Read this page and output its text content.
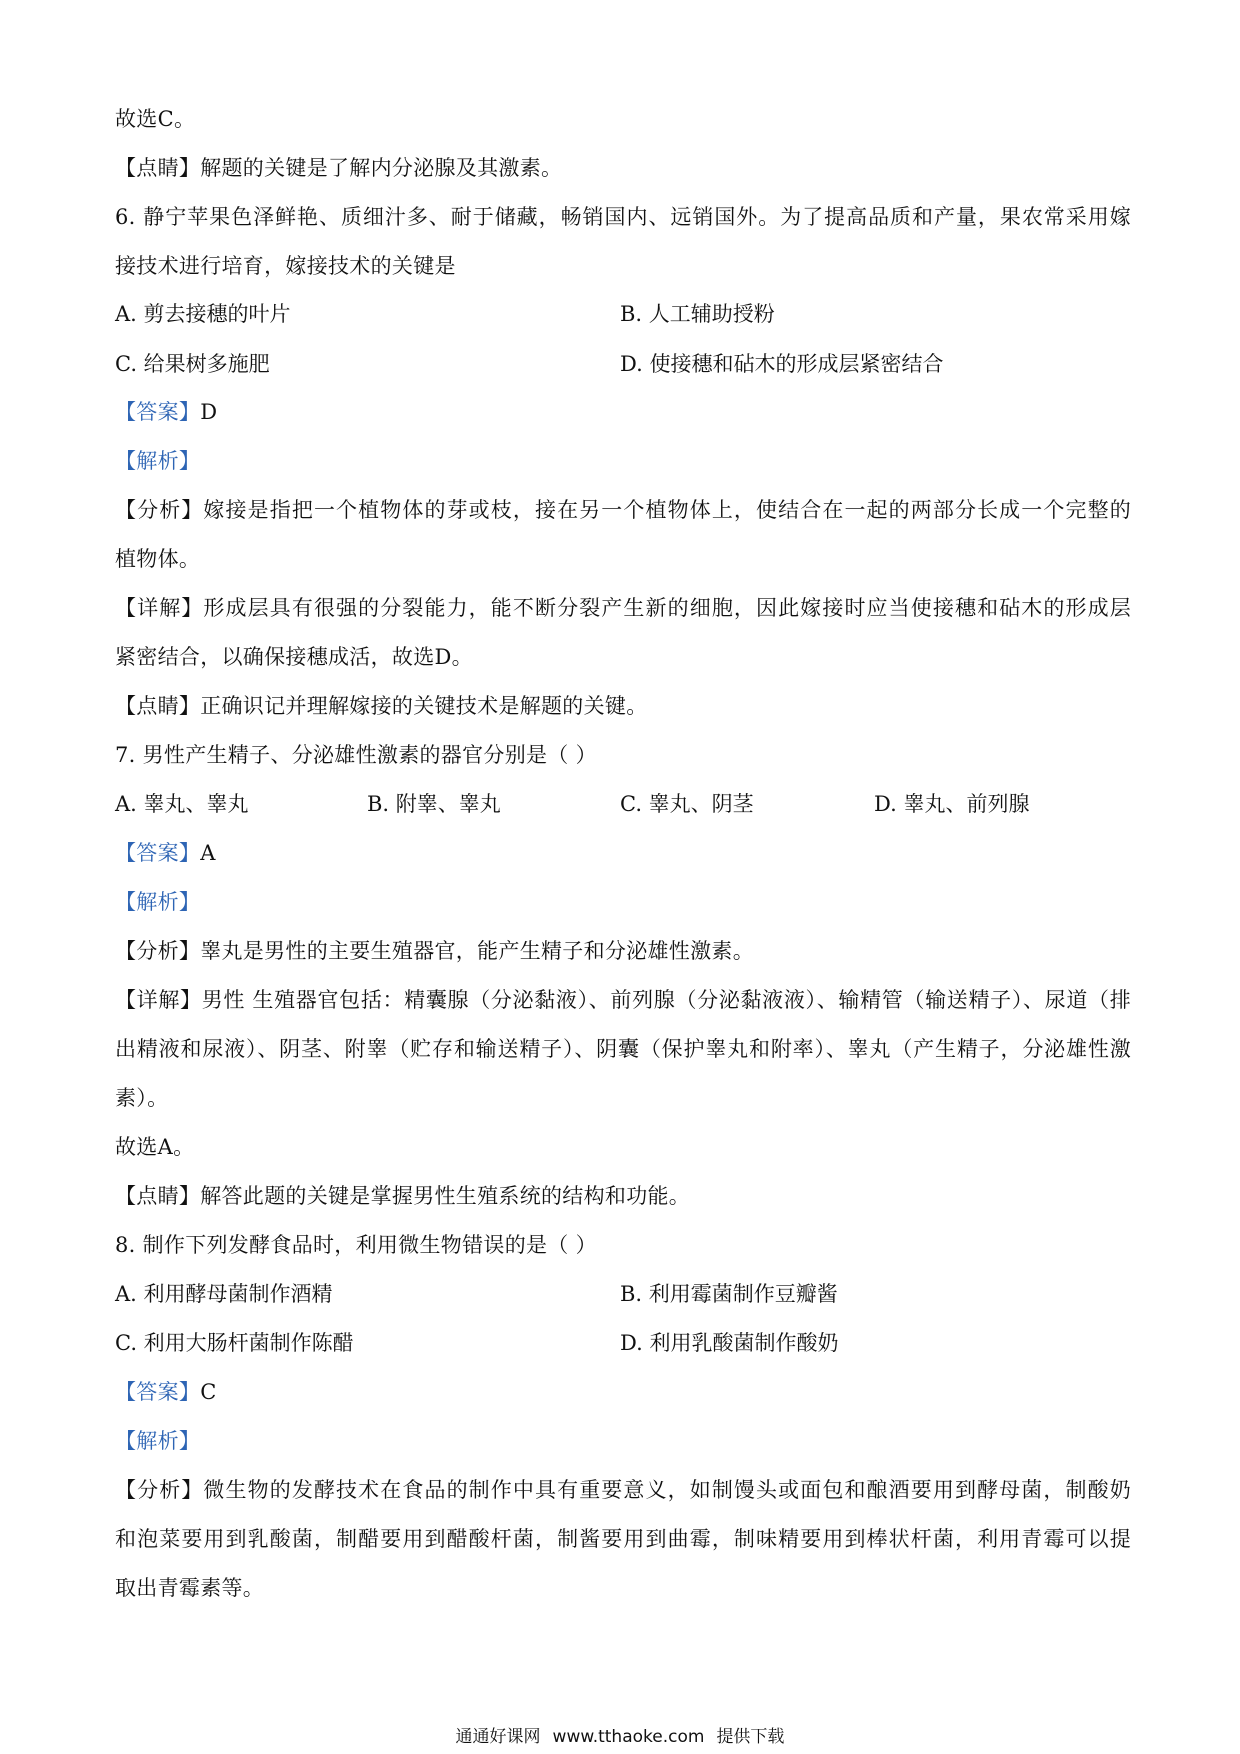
故选C。
【点睛】解题的关键是了解内分泌腺及其激素。
6. 静宁苹果色泽鲜艳、质细汁多、耐于储藏，畅销国内、远销国外。为了提高品质和产量，果农常采用嫁
接技术进行培育，嫁接技术的关键是
A. 剪去接穗的叶片	B. 人工辅助授粉
C. 给果树多施肥	D. 使接穗和砧木的形成层紧密结合
【答案】D
【解析】
【分析】嫁接是指把一个植物体的芽或枝，接在另一个植物体上，使结合在一起的两部分长成一个完整的
植物体。
【详解】形成层具有很强的分裂能力，能不断分裂产生新的细胞，因此嫁接时应当使接穗和砧木的形成层
紧密结合，以确保接穗成活，故选D。
【点睛】正确识记并理解嫁接的关键技术是解题的关键。
7. 男性产生精子、分泌雄性激素的器官分别是（ ）
A. 睾丸、睾丸	B. 附睾、睾丸	C. 睾丸、阴茎	D. 睾丸、前列腺
【答案】A
【解析】
【分析】睾丸是男性的主要生殖器官，能产生精子和分泌雄性激素。
【详解】男性 生殖器官包括：精囊腺（分泌黏液）、前列腺（分泌黏液液）、输精管（输送精子）、尿道（排
出精液和尿液）、阴茎、附睾（贮存和输送精子）、阴囊（保护睾丸和附率）、睾丸（产生精子，分泌雄性激
素）。
故选A。
【点睛】解答此题的关键是掌握男性生殖系统的结构和功能。
8. 制作下列发酵食品时，利用微生物错误的是（ ）
A. 利用酵母菌制作酒精	B. 利用霉菌制作豆瓣酱
C. 利用大肠杆菌制作陈醋	D. 利用乳酸菌制作酸奶
【答案】C
【解析】
【分析】微生物的发酵技术在食品的制作中具有重要意义，如制馒头或面包和酿酒要用到酵母菌，制酸奶
和泡菜要用到乳酸菌，制醋要用到醋酸杆菌，制酱要用到曲霉，制味精要用到棒状杆菌，利用青霉可以提
取出青霉素等。
通通好课网 www.tthaoke.com 提供下载
